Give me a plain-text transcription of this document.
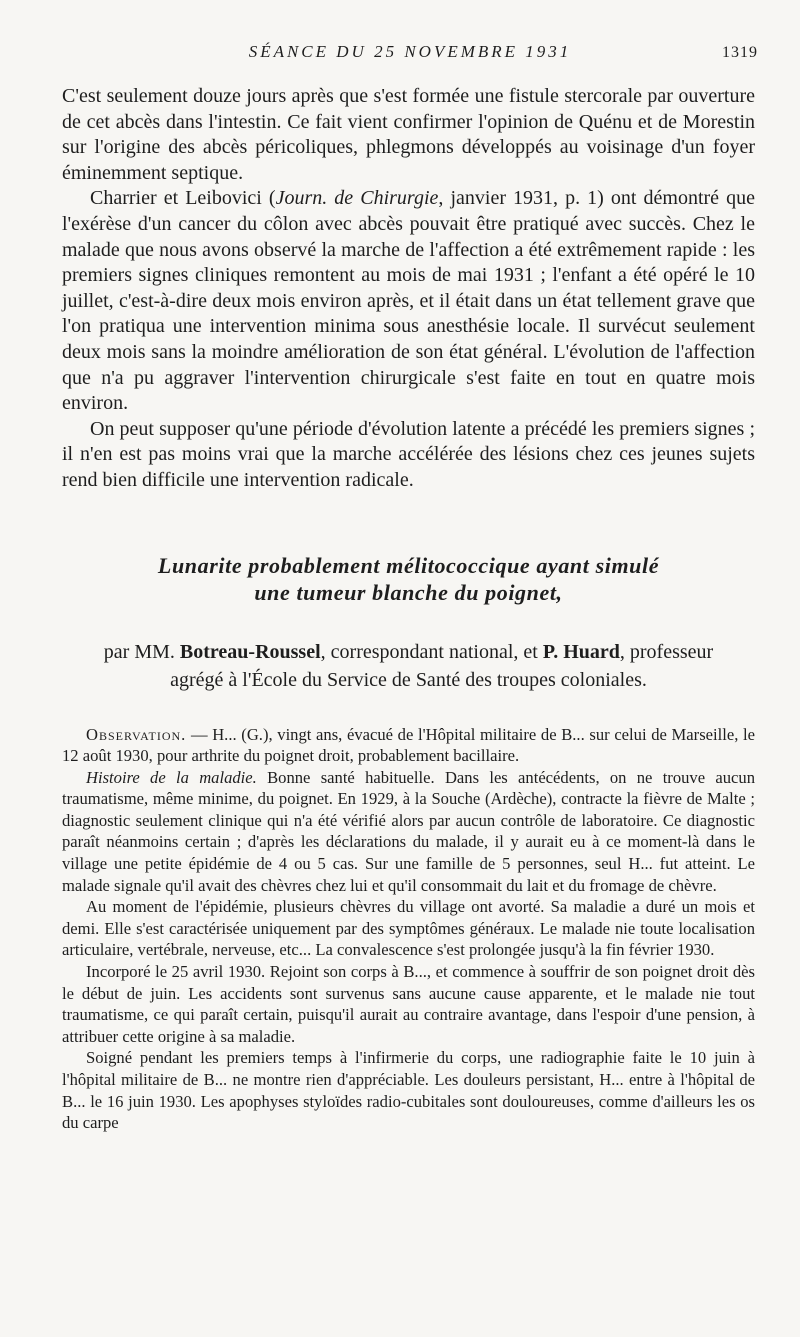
SÉANCE DU 25 NOVEMBRE 1931	1319

C'est seulement douze jours après que s'est formée une fistule stercorale par ouverture de cet abcès dans l'intestin. Ce fait vient confirmer l'opinion de Quénu et de Morestin sur l'origine des abcès péricoliques, phlegmons développés au voisinage d'un foyer éminemment septique.

Charrier et Leibovici (Journ. de Chirurgie, janvier 1931, p. 1) ont démontré que l'exérèse d'un cancer du côlon avec abcès pouvait être pratiqué avec succès. Chez le malade que nous avons observé la marche de l'affection a été extrêmement rapide : les premiers signes cliniques remontent au mois de mai 1931 ; l'enfant a été opéré le 10 juillet, c'est-à-dire deux mois environ après, et il était dans un état tellement grave que l'on pratiqua une intervention minima sous anesthésie locale. Il survécut seulement deux mois sans la moindre amélioration de son état général. L'évolution de l'affection que n'a pu aggraver l'intervention chirurgicale s'est faite en tout en quatre mois environ.

On peut supposer qu'une période d'évolution latente a précédé les premiers signes ; il n'en est pas moins vrai que la marche accélérée des lésions chez ces jeunes sujets rend bien difficile une intervention radicale.

Lunarite probablement mélitococcique ayant simulé
une tumeur blanche du poignet,
par MM. Botreau-Roussel, correspondant national, et P. Huard, professeur agrégé à l'École du Service de Santé des troupes coloniales.

Observation. — H... (G.), vingt ans, évacué de l'Hôpital militaire de B... sur celui de Marseille, le 12 août 1930, pour arthrite du poignet droit, probablement bacillaire.

Histoire de la maladie. Bonne santé habituelle. Dans les antécédents, on ne trouve aucun traumatisme, même minime, du poignet. En 1929, à la Souche (Ardèche), contracte la fièvre de Malte ; diagnostic seulement clinique qui n'a été vérifié alors par aucun contrôle de laboratoire. Ce diagnostic paraît néanmoins certain ; d'après les déclarations du malade, il y aurait eu à ce moment-là dans le village une petite épidémie de 4 ou 5 cas. Sur une famille de 5 personnes, seul H... fut atteint. Le malade signale qu'il avait des chèvres chez lui et qu'il consommait du lait et du fromage de chèvre.

Au moment de l'épidémie, plusieurs chèvres du village ont avorté. Sa maladie a duré un mois et demi. Elle s'est caractérisée uniquement par des symptômes généraux. Le malade nie toute localisation articulaire, vertébrale, nerveuse, etc... La convalescence s'est prolongée jusqu'à la fin février 1930.

Incorporé le 25 avril 1930. Rejoint son corps à B..., et commence à souffrir de son poignet droit dès le début de juin. Les accidents sont survenus sans aucune cause apparente, et le malade nie tout traumatisme, ce qui paraît certain, puisqu'il aurait au contraire avantage, dans l'espoir d'une pension, à attribuer cette origine à sa maladie.

Soigné pendant les premiers temps à l'infirmerie du corps, une radiographie faite le 10 juin à l'hôpital militaire de B... ne montre rien d'appréciable. Les douleurs persistant, H... entre à l'hôpital de B... le 16 juin 1930. Les apophyses styloïdes radio-cubitales sont douloureuses, comme d'ailleurs les os du carpe
